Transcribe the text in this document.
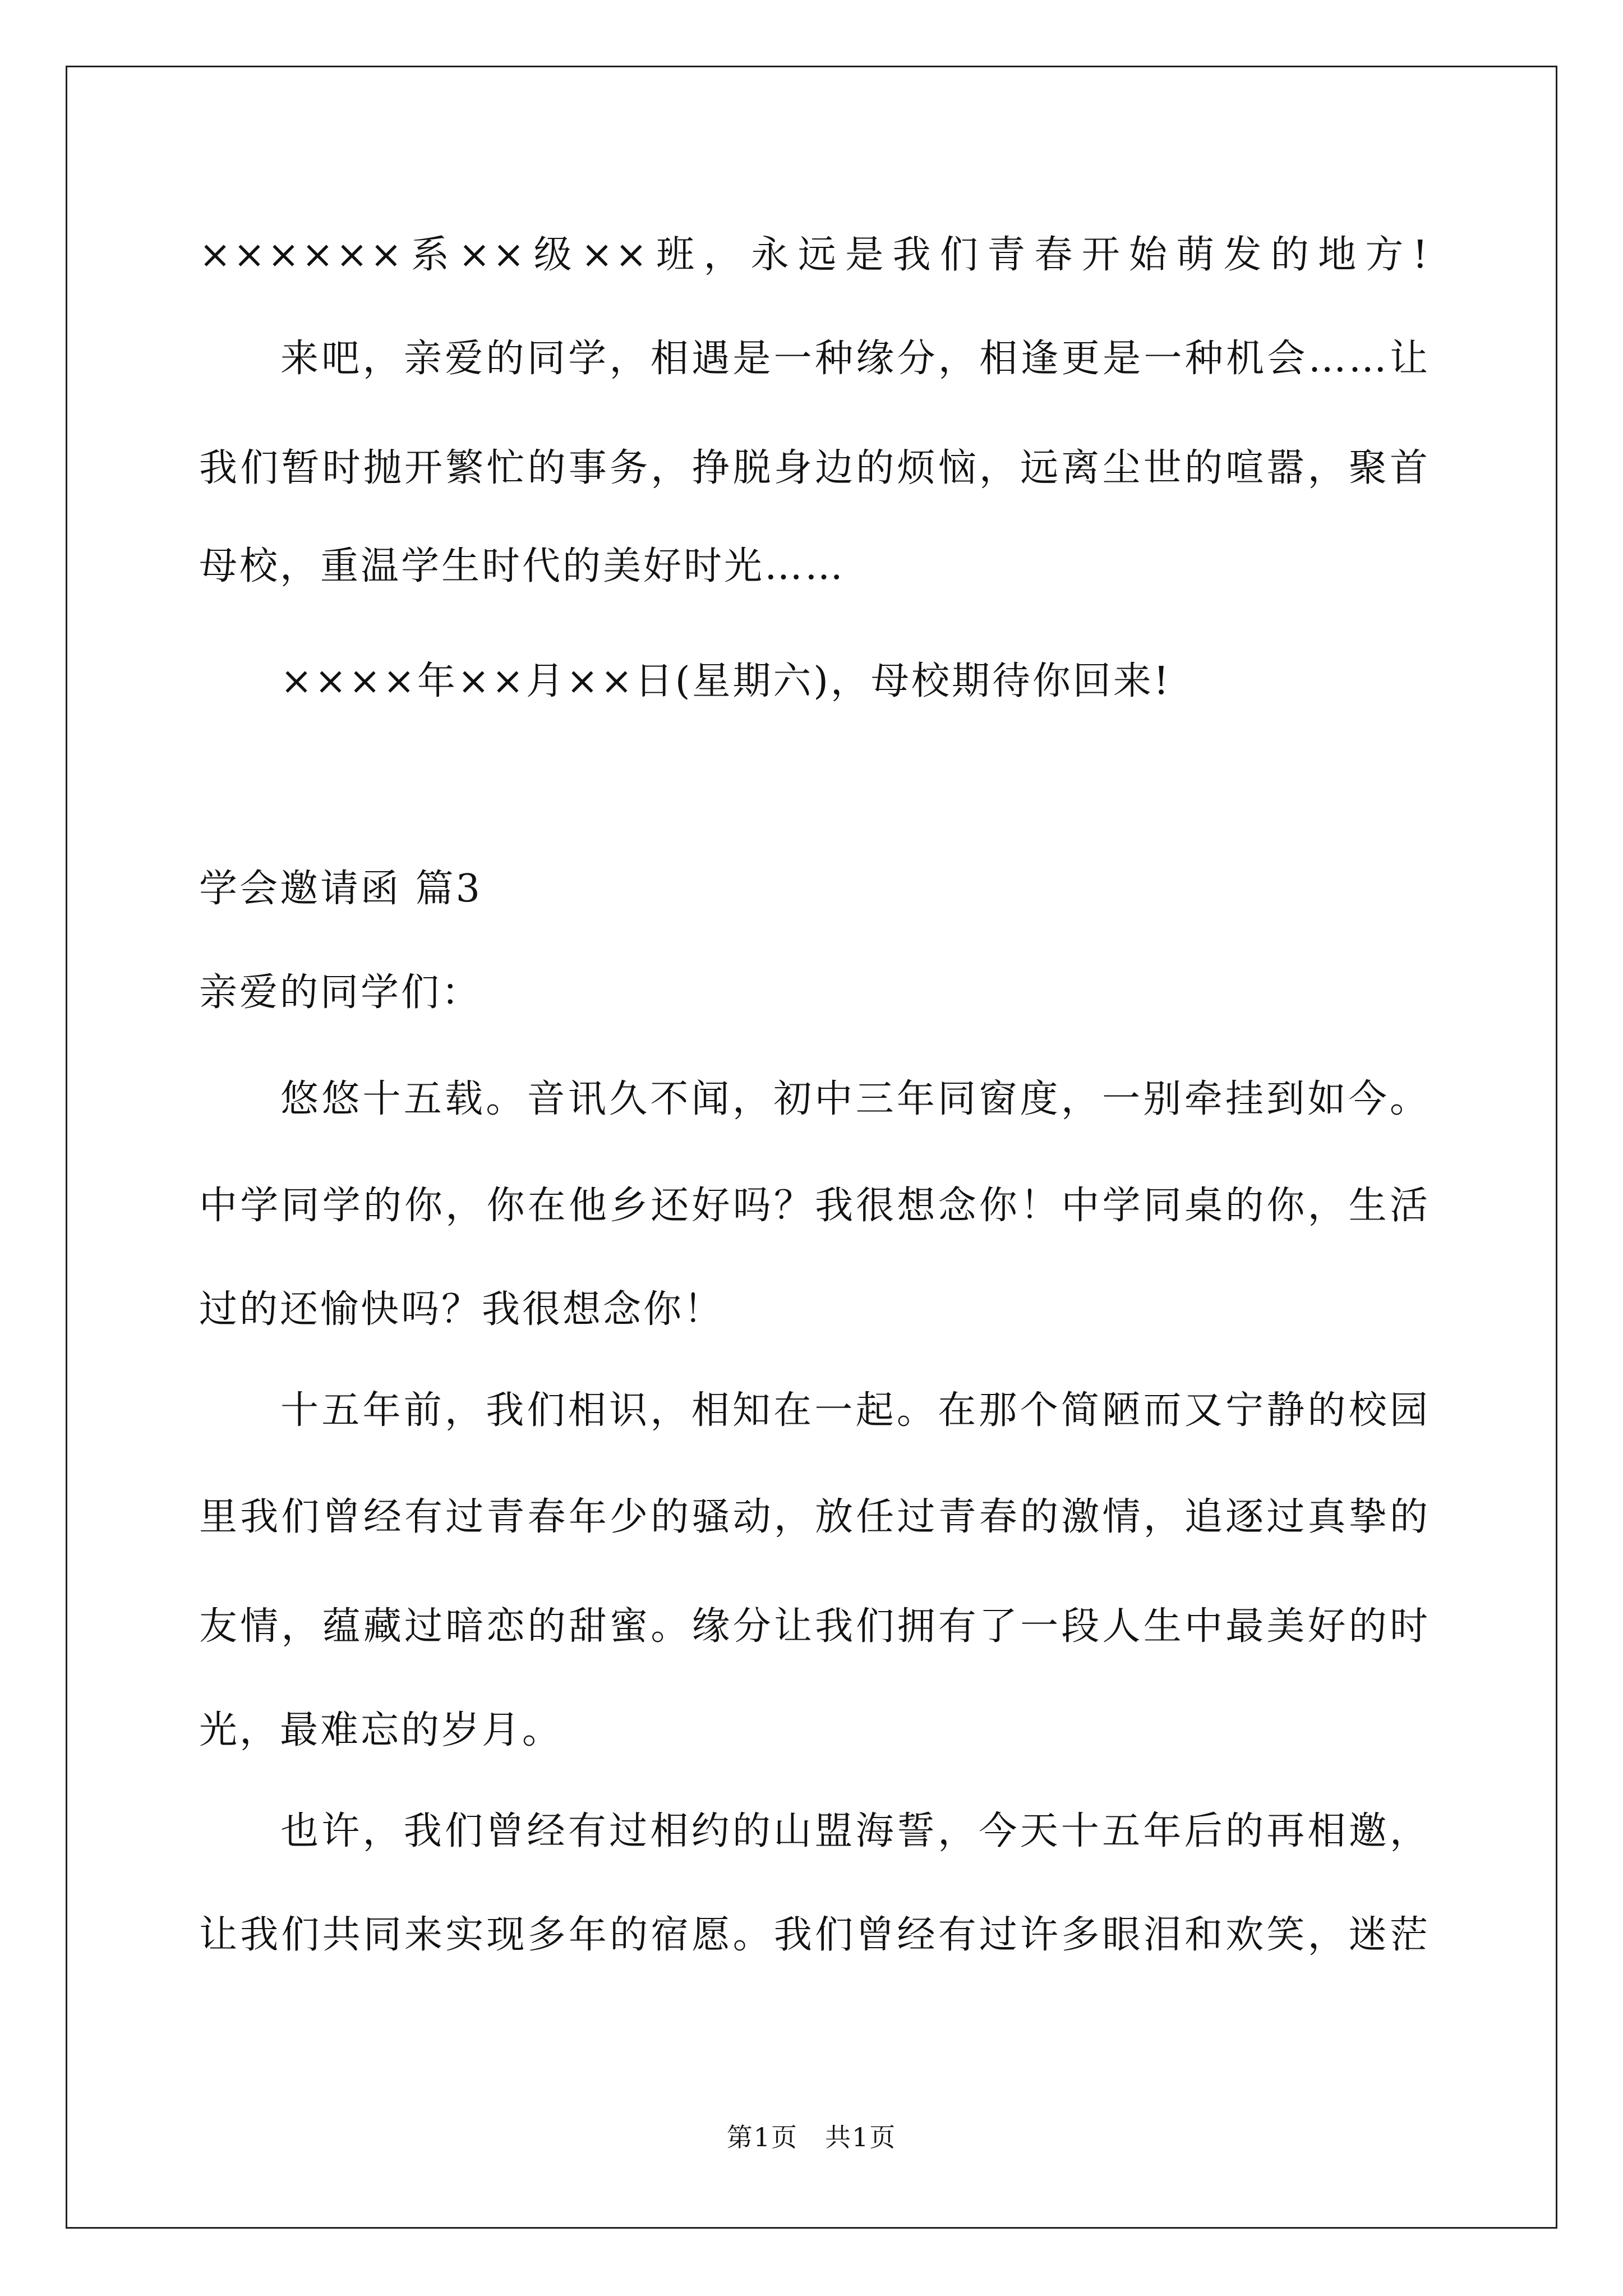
××××××系××级××班，永远是我们青春开始萌发的地方!
来吧，亲爱的同学，相遇是一种缘分，相逢更是一种机会……让
我们暂时抛开繁忙的事务，挣脱身边的烦恼，远离尘世的喧嚣，聚首
母校，重温学生时代的美好时光……
××××年××月××日(星期六)，母校期待你回来!
学会邀请函 篇3
亲爱的同学们：
悠悠十五载。音讯久不闻，初中三年同窗度，一别牵挂到如今。
中学同学的你，你在他乡还好吗？我很想念你！中学同桌的你，生活
过的还愉快吗？我很想念你！
十五年前，我们相识，相知在一起。在那个简陋而又宁静的校园
里我们曾经有过青春年少的骚动，放任过青春的激情，追逐过真挚的
友情，蕴藏过暗恋的甜蜜。缘分让我们拥有了一段人生中最美好的时
光，最难忘的岁月。
也许，我们曾经有过相约的山盟海誓，今天十五年后的再相邀，
让我们共同来实现多年的宿愿。我们曾经有过许多眼泪和欢笑，迷茫
第1页　共1页
